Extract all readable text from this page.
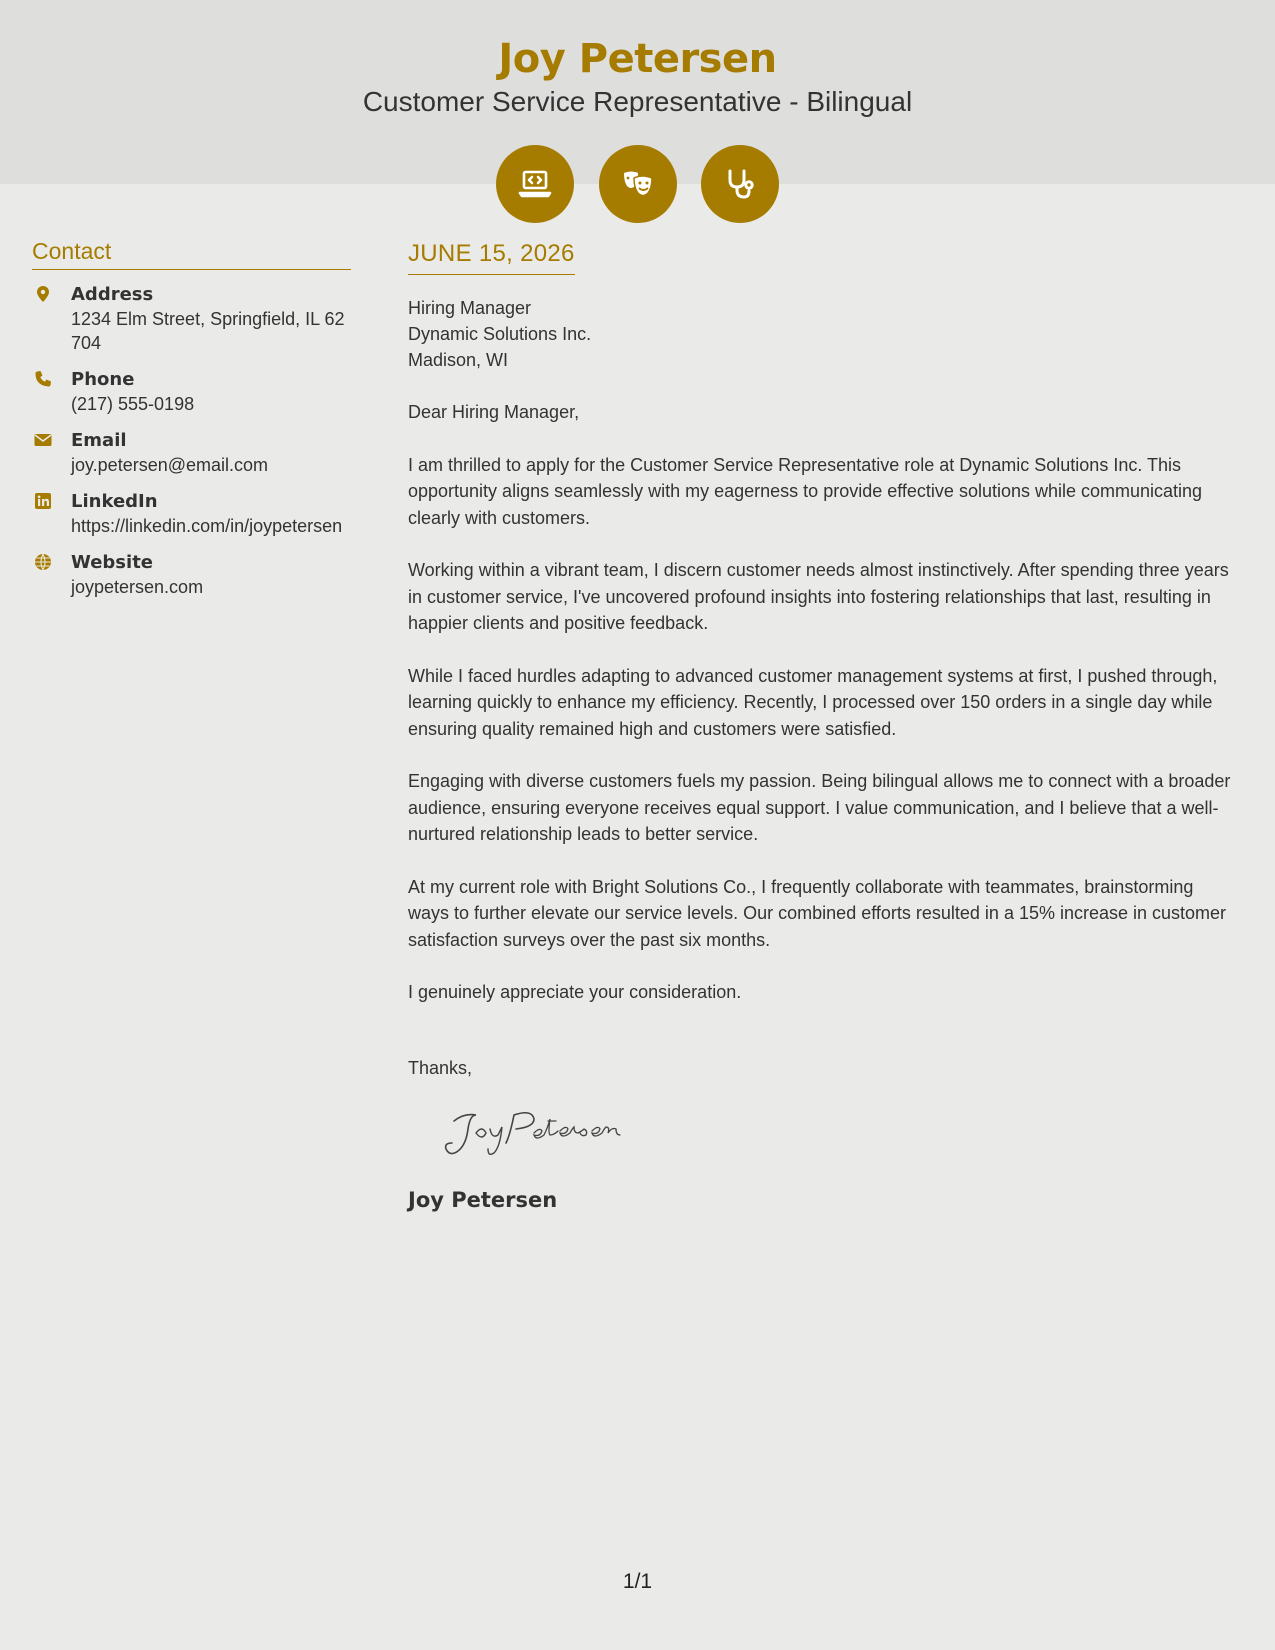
Joy Petersen
Customer Service Representative - Bilingual
Contact
Address
1234 Elm Street, Springfield, IL 62704
Phone
(217) 555-0198
Email
joy.petersen@email.com
LinkedIn
https://linkedin.com/in/joypetersen
Website
joypetersen.com
JUNE 15, 2026
Hiring Manager
Dynamic Solutions Inc.
Madison, WI

Dear Hiring Manager,

I am thrilled to apply for the Customer Service Representative role at Dynamic Solutions Inc. This opportunity aligns seamlessly with my eagerness to provide effective solutions while communicating clearly with customers.

Working within a vibrant team, I discern customer needs almost instinctively. After spending three years in customer service, I've uncovered profound insights into fostering relationships that last, resulting in happier clients and positive feedback.

While I faced hurdles adapting to advanced customer management systems at first, I pushed through, learning quickly to enhance my efficiency. Recently, I processed over 150 orders in a single day while ensuring quality remained high and customers were satisfied.

Engaging with diverse customers fuels my passion. Being bilingual allows me to connect with a broader audience, ensuring everyone receives equal support. I value communication, and I believe that a well-nurtured relationship leads to better service.

At my current role with Bright Solutions Co., I frequently collaborate with teammates, brainstorming ways to further elevate our service levels. Our combined efforts resulted in a 15% increase in customer satisfaction surveys over the past six months.

I genuinely appreciate your consideration.

Thanks,

Joy Petersen
1/1
